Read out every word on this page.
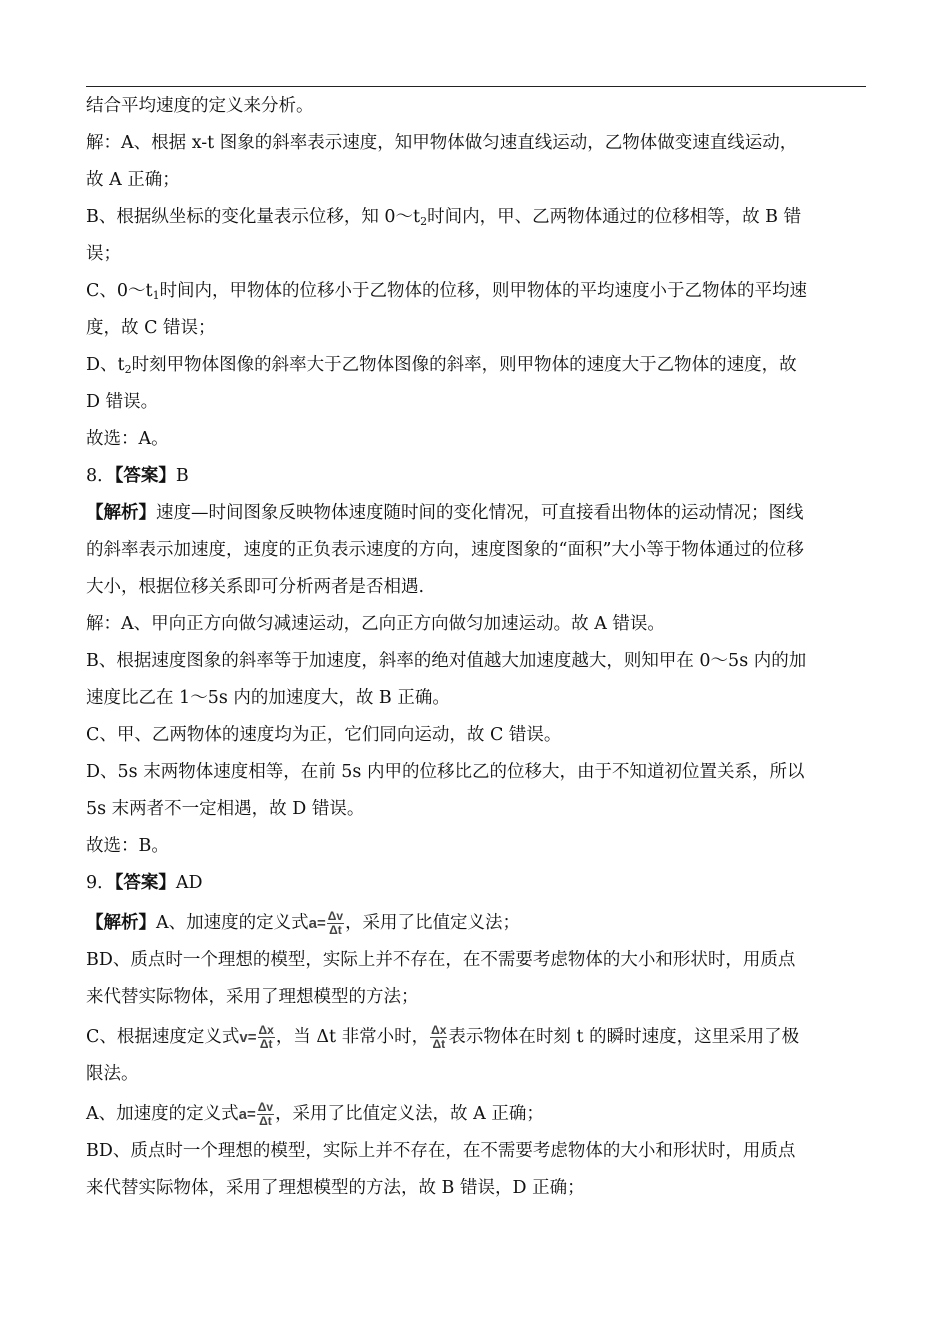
结合平均速度的定义来分析。
解：A、根据 x-t 图象的斜率表示速度，知甲物体做匀速直线运动，乙物体做变速直线运动，
故 A 正确；
B、根据纵坐标的变化量表示位移，知 $0\sim t_2$时间内，甲、乙两物体通过的位移相等，故 B 错
误；
C、$0\sim t_1$时间内，甲物体的位移小于乙物体的位移，则甲物体的平均速度小于乙物体的平均速
度，故 C 错误；
D、$t_2$时刻甲物体图像的斜率大于乙物体图像的斜率，则甲物体的速度大于乙物体的速度，故
D 错误。
故选：A。
8．【答案】B
【解析】速度—时间图象反映物体速度随时间的变化情况，可直接看出物体的运动情况；图线
的斜率表示加速度，速度的正负表示速度的方向，速度图象的“面积”大小等于物体通过的位移
大小，根据位移关系即可分析两者是否相遇.
解：A、甲向正方向做匀减速运动，乙向正方向做匀加速运动。故 A 错误。
B、根据速度图象的斜率等于加速度，斜率的绝对值越大加速度越大，则知甲在 0～5s 内的加
速度比乙在 1～5s 内的加速度大，故 B 正确。
C、甲、乙两物体的速度均为正，它们同向运动，故 C 错误。
D、5s 末两物体速度相等，在前 5s 内甲的位移比乙的位移大，由于不知道初位置关系，所以
5s 末两者不一定相遇，故 D 错误。
故选：B。
9．【答案】AD
【解析】A、加速度的定义式$a= \frac{\Delta v}{\Delta t}$ ，采用了比值定义法；
BD、质点时一个理想的模型，实际上并不存在，在不需要考虑物体的大小和形状时，用质点
来代替实际物体，采用了理想模型的方法；
C、根据速度定义式$v= \frac{\Delta x}{\Delta t}$ ，当 Δt 非常小时， $\frac{\Delta x}{\Delta t}$ 表示物体在时刻 t 的瞬时速度，这里采用了极
限法。
A、加速度的定义式$a= \frac{\Delta v}{\Delta t}$ ，采用了比值定义法，故 A 正确；
BD、质点时一个理想的模型，实际上并不存在，在不需要考虑物体的大小和形状时，用质点
来代替实际物体，采用了理想模型的方法，故 B 错误，D 正确；
